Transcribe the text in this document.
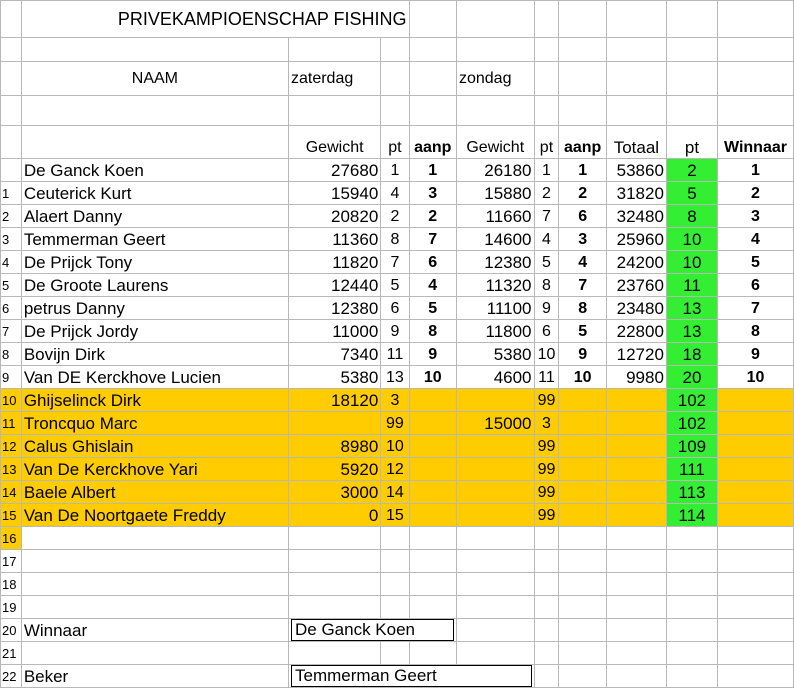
	PRIVEKAMPIOENSCHAP FISHING									

	NAAM	zaterdag			zondag					

		Gewicht	pt	aanp	Gewicht	pt	aanp	Totaal	pt	Winnaar
	De Ganck Koen	27680	1	1	26180	1	1	53860	2	1
1	Ceuterick Kurt	15940	4	3	15880	2	2	31820	5	2
2	Alaert Danny	20820	2	2	11660	7	6	32480	8	3
3	Temmerman Geert	11360	8	7	14600	4	3	25960	10	4
4	De Prijck Tony	11820	7	6	12380	5	4	24200	10	5
5	De Groote Laurens	12440	5	4	11320	8	7	23760	11	6
6	petrus Danny	12380	6	5	11100	9	8	23480	13	7
7	De Prijck Jordy	11000	9	8	11800	6	5	22800	13	8
8	Bovijn Dirk	7340	11	9	5380	10	9	12720	18	9
9	Van DE Kerckhove Lucien	5380	13	10	4600	11	10	9980	20	10
10	Ghijselinck Dirk	18120	3			99			102	
11	Troncquo Marc		99		15000	3			102	
12	Calus Ghislain	8980	10			99			109	
13	Van De Kerckhove Yari	5920	12			99			111	
14	Baele Albert	3000	14			99			113	
15	Van De Noortgaete Freddy	0	15			99			114	
16										
17										
18										
19										
20	Winnaar	De Ganck Koen								

21										
22	Beker	Temmerman Geert								
